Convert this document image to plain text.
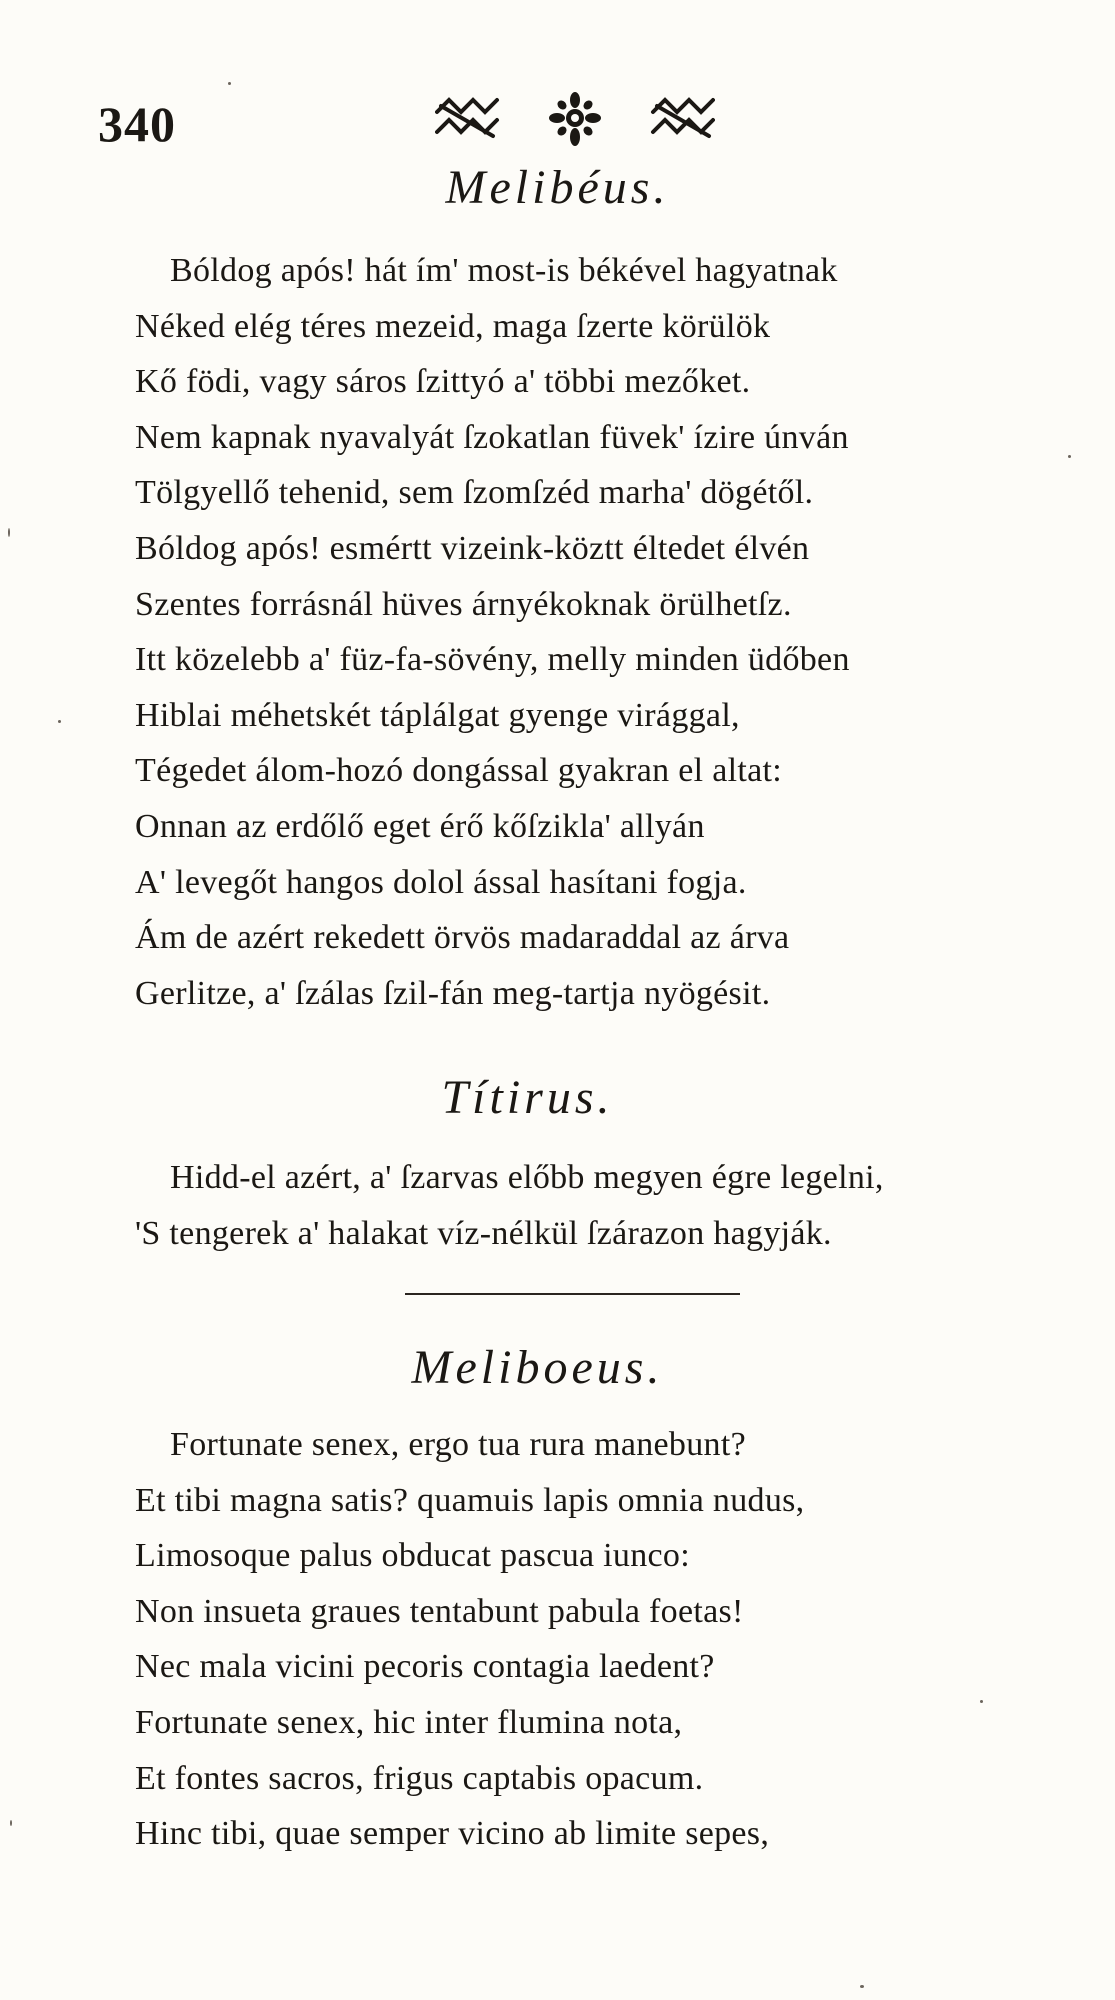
340
Melibéus.
Bóldog após! hát ím' most-is békével hagyatnak
Néked elég téres mezeid, maga ſzerte körülök
Kő födi, vagy sáros ſzittyó a' többi mezőket.
Nem kapnak nyavalyát ſzokatlan füvek' ízire únván
Tölgyellő tehenid, sem ſzomſzéd marha' dögétől.
Bóldog após! esmértt vizeink-köztt éltedet élvén
Szentes forrásnál hüves árnyékoknak örülhetſz.
Itt közelebb a' füz-fa-sövény, melly minden üdőben
Hiblai méhetskét táplálgat gyenge virággal,
Tégedet álom-hozó dongással gyakran el altat:
Onnan az erdőlő eget érő kőſzikla' allyán
A' levegőt hangos dolol ással hasítani fogja.
Ám de azért rekedett örvös madaraddal az árva
Gerlitze, a' ſzálas ſzil-fán meg-tartja nyögésit.
Títirus.
Hidd-el azért, a' ſzarvas előbb megyen égre legelni,
'S tengerek a' halakat víz-nélkül ſzárazon hagyják.
Meliboeus.
Fortunate senex, ergo tua rura manebunt?
Et tibi magna satis? quamuis lapis omnia nudus,
Limosoque palus obducat pascua iunco:
Non insueta graues tentabunt pabula foetas!
Nec mala vicini pecoris contagia laedent?
Fortunate senex, hic inter flumina nota,
Et fontes sacros, frigus captabis opacum.
Hinc tibi, quae semper vicino ab limite sepes,
